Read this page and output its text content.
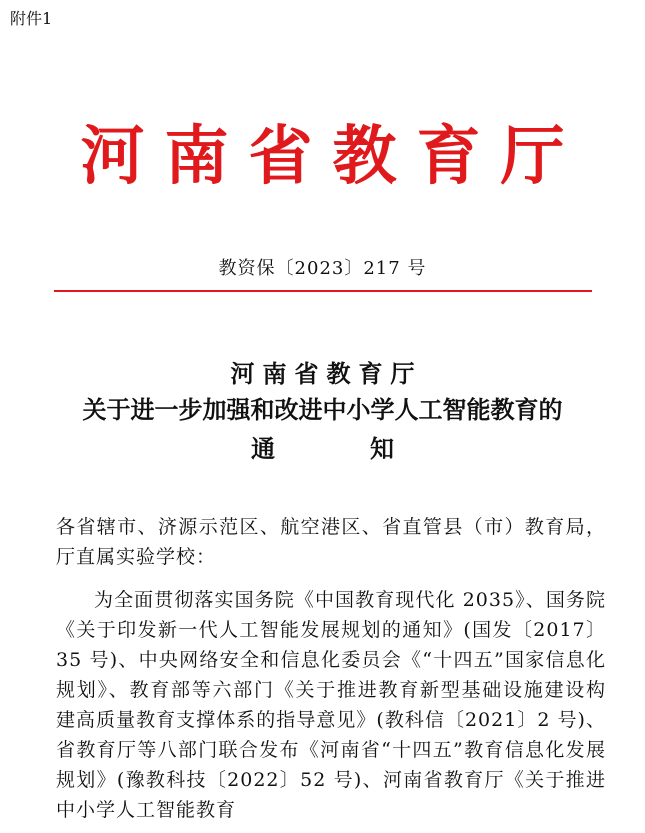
附件1
河南省教育厅
教资保〔2023〕217 号
河南省教育厅
关于进一步加强和改进中小学人工智能教育的
通	知
各省辖市、济源示范区、航空港区、省直管县（市）教育局，厅直属实验学校：
为全面贯彻落实国务院《中国教育现代化 2035》、国务院《关于印发新一代人工智能发展规划的通知》(国发〔2017〕35 号)、中央网络安全和信息化委员会《“十四五”国家信息化规划》、教育部等六部门《关于推进教育新型基础设施建设构建高质量教育支撑体系的指导意见》(教科信〔2021〕2 号)、省教育厅等八部门联合发布《河南省“十四五”教育信息化发展规划》(豫教科技〔2022〕52 号)、河南省教育厅《关于推进中小学人工智能教育
